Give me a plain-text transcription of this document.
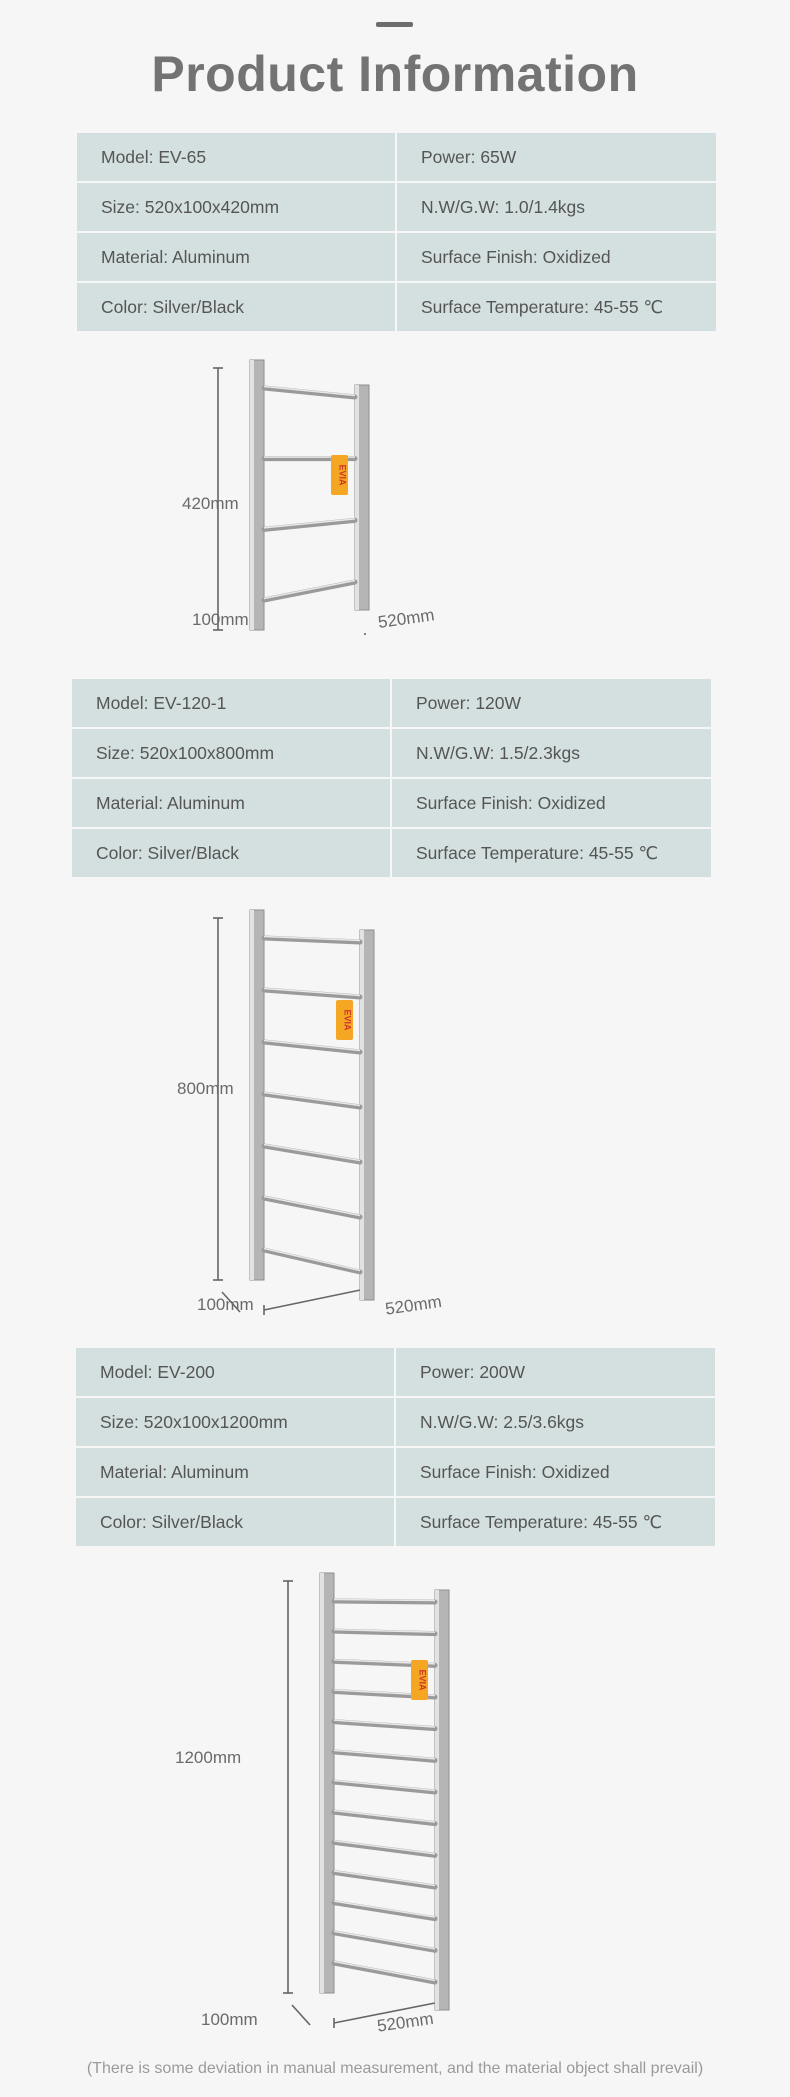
Product Information
Model: EV-65	Power: 65W
Size: 520x100x420mm	N.W/G.W: 1.0/1.4kgs
Material: Aluminum	Surface Finish: Oxidized
Color: Silver/Black	Surface Temperature: 45-55 ℃
EVIA
420mm
100mm	520mm
Model: EV-120-1	Power: 120W
Size: 520x100x800mm	N.W/G.W: 1.5/2.3kgs
Material: Aluminum	Surface Finish: Oxidized
Color: Silver/Black	Surface Temperature: 45-55 ℃
EVIA
800mm
100mm	520mm
Model: EV-200	Power: 200W
Size: 520x100x1200mm	N.W/G.W: 2.5/3.6kgs
Material: Aluminum	Surface Finish: Oxidized
Color: Silver/Black	Surface Temperature: 45-55 ℃
EVIA
1200mm
100mm	520mm

(There is some deviation in manual measurement, and the material object shall prevail)
